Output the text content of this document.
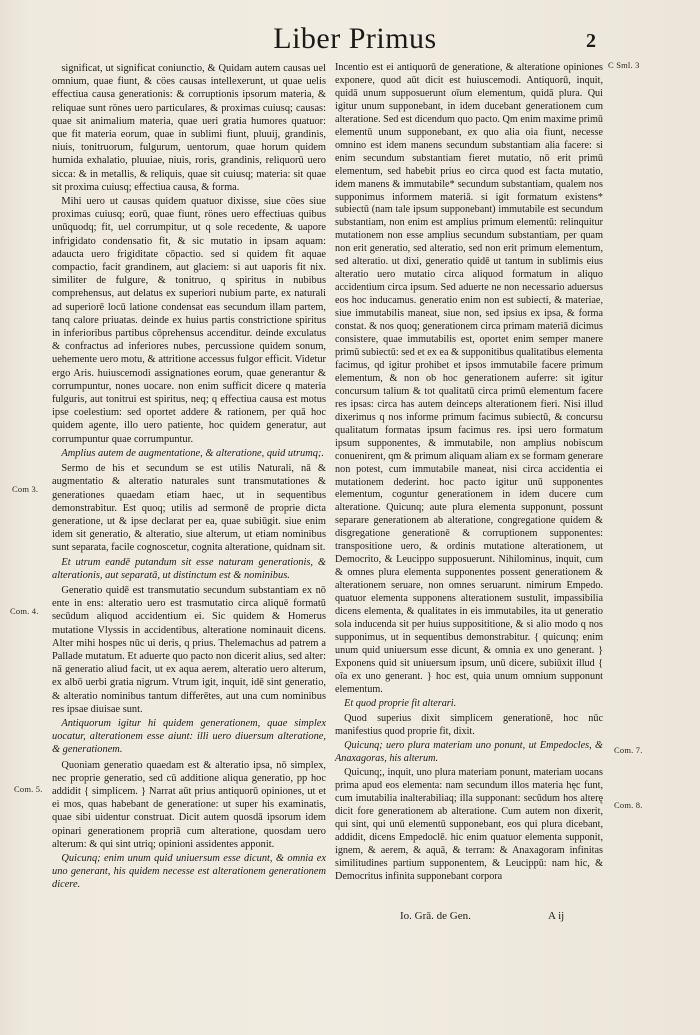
Liber Primus	2
C Sml. 3
Com 3.
Com. 4.
Com. 5.
Com. 7.
Com. 8.

significat, ut significat coniunctio, & Quidam autem causas uel omnium, quae fiunt, & cöes causas intellexerunt, ut quae uelis effectiua causa generationis: & corruptionis ipsorum materia, & reliquae sunt rönes uero particulares, & proximas cuiusq; causas: quae sit animalium materia, quae ueri gratia humores quatuor: que fit materia eorum, quae in sublimi fiunt, pluuij, grandinis, niuis, tonitruorum, fulgurum, uentorum, quae horum quidem humida exhalatio, pluuiae, niuis, roris, grandinis, reliquorū uero sicca: & in metallis, & reliquis, quae sit cuiusq; materia: sit quae sit proxima cuiusq; effectiua causa, & forma.

Mihi uero ut causas quidem quatuor dixisse, siue cöes siue proximas cuiusq; eorū, quae fiunt, rönes uero effectiuas quibus unūquodq; fit, uel corrumpitur, ut q sole recedente, & uapore infrigidato condensatio fit, & sic mutatio in ipsam aquam: adaucta uero frigiditate cōpactio. sed si quidem fit aquae compactio, facit grandinem, aut glaciem: si aut uaporis fit nix. similiter de fulgure, & tonitruo, q spiritus in nubibus comprehensus, aut delatus ex superiori nubium parte, ex naturali ad superiorē locū latione condensat eas secundum illam partem, tanq calore priuatas. deinde ex huius partis constrictione spiritus in inferioribus partibus cōprehensus accenditur. deinde exculatus & confractus ad inferiores nubes, percussione quidem sonum, uehemente uero motu, & attritione accessus fulgor efficit. Videtur ergo Aris. huiuscemodi assignationes eorum, quae generantur & corrumpuntur, nones uocare. non enim sufficit dicere q materia fulguris, aut tonitrui est spiritus, neq; q effectiua causa est motus ipse coelestium: sed oportet addere & rationem, per quā hoc quidem agente, illo uero patiente, hoc quidem generatur, aut corrumpuntur quae corrumpuntur.

Amplius autem de augmentatione, & alteratione, quid utrumq;.

Sermo de his et secundum se est utilis Naturali, nā & augmentatio & alteratio naturales sunt transmutationes & generationes quaedam etiam haec, ut in sequentibus demonstrabitur. Est quoq; utilis ad sermonē de proprie dicta generatione, ut & ipse declarat per ea, quae subiūgit. siue enim idem sit generatio, & alteratio, siue alterum, ut etiam nominibus sunt separata, facile cognoscetur, cognita alteratione, quidnam sit.

Et utrum eandē putandum sit esse naturam generationis, & alterationis, aut separatā, ut distinctum est & nominibus.

Generatio quidē est transmutatio secundum substantiam ex nō ente in ens: alteratio uero est trasmutatio circa aliquē formatū secūdum aliquod accidentium ei. Sic quidem & Homerus mutatione Vlyssis in accidentibus, alteratione nominauit dicens. Alter mihi hospes nūc ui deris, q prius. Thelemachus ad patrem a Pallade mutatum. Et aduerte quo pacto non dicerit alius, sed alter: nā generatio aliud facit, ut ex aqua aerem, alteratio uero alterum, ex albō uerbi gratia nigrum. Vtrum igit, inquit, idē sint generatio, & alteratio nominibus tantum differētes, aut una cum nominibus res ipsae diuisae sunt.

Antiquorum igitur hi quidem generationem, quae simplex uocatur, alterationem esse aiunt: illi uero diuersum alteratione, & generationem.

Quoniam generatio quaedam est & alteratio ipsa, nō simplex, nec proprie generatio, sed cū additione aliqua generatio, pp hoc addidit { simplicem. } Narrat aūt prius antiquorū opiniones, ut et ei mos, quas habebant de generatione: ut super his examinatis, quae sibi uidentur construat. Dicit autem quosdā ipsorum idem opinari generationem propriā cum alteratione, quosdam uero alterum: & qui sint utriq; opinioni assidentes apponit.

Quicunq; enim unum quid uniuersum esse dicunt, & omnia ex uno generant, his quidem necesse est alterationem generationem dicere.

Incentio est ei antiquorū de generatione, & alteratione opiniones exponere, quod aūt dicit est huiuscemodi. Antiquorū, inquit, quidā unum supposuerunt oīum elementum, quidā plura. Qui igitur unum supponebant, in idem ducebant generationem cum alteratione. Sed est dicendum quo pacto. Qm enim maxime primū elementū unum supponebant, ex quo alia oia fiunt, necesse omnino est idem manens secundum substantiam alia facere: si enim secundum substantiam fieret mutatio, nō erit primū elementum, sed habebit prius eo circa quod est facta mutatio, idem manens & immutabile* secundum substantiam, qualem nos supponimus informem materiā. si igit formatum existens* subiectū (nam tale ipsum supponebant) immutabile est secundum substantiam, non enim est amplius primum elementū: relinquitur mutationem non esse amplius secundum substantiam, per quam non erit generatio, sed alteratio, sed non erit primum elementum, sed alteratio. ut dixi, generatio quidē ut tantum in sublimis eius alteratio uero mutatio circa aliquod formatum in aliquo accidentium circa ipsum. Sed aduerte ne non necessario aduersus eos hoc inducamus. generatio enim non est subiecti, & materiae, siue immutabilis maneat, siue non, sed ipsius ex ipsa, & forma constat. & nos quoq; generationem circa primam materiā dicimus consistere, quae immutabilis est, oportet enim semper manere primū subiectū: sed et ex ea & supponitibus qualitatibus elementa facimus, qd igitur prohibet et ipsos immutabile facere primum elementum, & non ob hoc generationem auferre: sit igitur concursum talium & tot qualitatū circa primū elementum facere res ipsas: circa has autem deinceps alterationem fieri. Nisi illud dixerimus q nos informe primum facimus subiectū, & concursu qualitatum formatas ipsum facimus res. ipsi uero formatum ipsum supponentes, & immutabile, non amplius nobiscum conuenirent, qm & primum aliquam aliam ex se formam generare non potest, cum immutabile maneat, nisi circa accidentia ei mutationem dederint. hoc pacto igitur unū supponentes elementum, coguntur generationem in idem ducere cum alteratione. Quicunq; aute plura elementa supponunt, possunt separare generationem ab alteratione, congregatione quidem & disgregatione generationē & corruptionem supponentes: transpositione uero, & ordinis mutatione alterationem, ut Democrito, & Leucippo supposuerunt. Nihilominus, inquit, cum & omnes plura elementa supponentes possent generationem & alterationem seruare, non omnes seruarunt. nimirum Empedo. quatuor elementa supponens alterationem sustulit, impassibilia dicens elementa, & qualitates in eis immutabiles, ita ut generatio sola inducenda sit per huius supposititione, & si alio modo q nos supponimus, ut in sequentibus demonstrabitur. { quicunq; enim unum quid uniuersum esse dicunt, & omnia ex uno generant. } Exponens quid sit uniuersum ipsum, unū dicere, subiūxit illud { oīa ex uno generant. } hoc est, quia unum omnium supponunt elementum.

Et quod proprie fit alterari.

Quod superius dixit simplicem generationē, hoc nūc manifestius quod proprie fit, dixit.

Quicunq; uero plura materiam uno ponunt, ut Empedocles, & Anaxagoras, his alterum.

Quicunq;, inquit, uno plura materiam ponunt, materiam uocans prima apud eos elementa: nam secundum illos materia hęc funt, cum imutabilia inalterabiliaq; illa supponant: secūdum hos alterę dicit fore generationem ab alteratione. Cum autem non dixerit, qui sint, qui unū elementū supponebant, eos qui plura dicebant, addidit, dicens Empedoclē. hic enim quatuor elementa supponit, ignem, & aerem, & aquā, & terram: & Anaxagoram infinitas similitudines partium supponentem, & Leucippū: nam hic, & Democritus infinita supponebant corpora

Io. Grā. de Gen.	A ij
